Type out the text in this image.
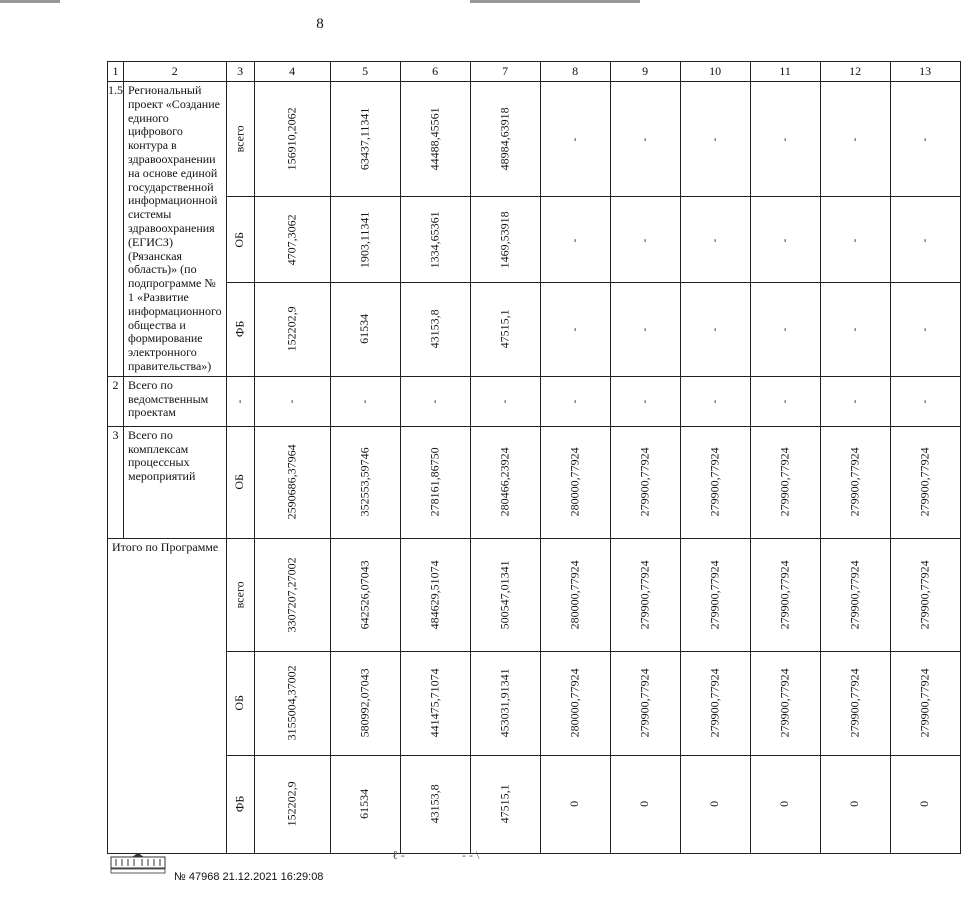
8
1	2	3	4	5	6	7	8	9	10	11	12	13
1.5	Региональный проект «Создание единого цифрового контура в здравоохранении на основе единой государственной информационной системы здравоохранения (ЕГИСЗ) (Рязанская область)» (по подпрограмме № 1 «Развитие информационного общества и формирование электронного правительства»)	всего	156910,2062	63437,11341	44488,45561	48984,63918	-	-	-	-	-	-
		ОБ	4707,3062	1903,11341	1334,65361	1469,53918	-	-	-	-	-	-
		ФБ	152202,9	61534	43153,8	47515,1	-	-	-	-	-	-
2	Всего по ведомственным проектам	-	-	-	-	-	-	-	-	-	-	-
3	Всего по комплексам процессных мероприятий	ОБ	2590686,37964	352553,59746	278161,86750	280466,23924	280000,77924	279900,77924	279900,77924	279900,77924	279900,77924	279900,77924
Итого по Программе		всего	3307207,27002	642526,07043	484629,51074	500547,01341	280000,77924	279900,77924	279900,77924	279900,77924	279900,77924	279900,77924
		ОБ	3155004,37002	580992,07043	441475,71074	453031,91341	280000,77924	279900,77924	279900,77924	279900,77924	279900,77924	279900,77924
		ФБ	152202,9	61534	43153,8	47515,1	0	0	0	0	0	0
№ 47968 21.12.2021 16:29:08
ℓ -	- - \
